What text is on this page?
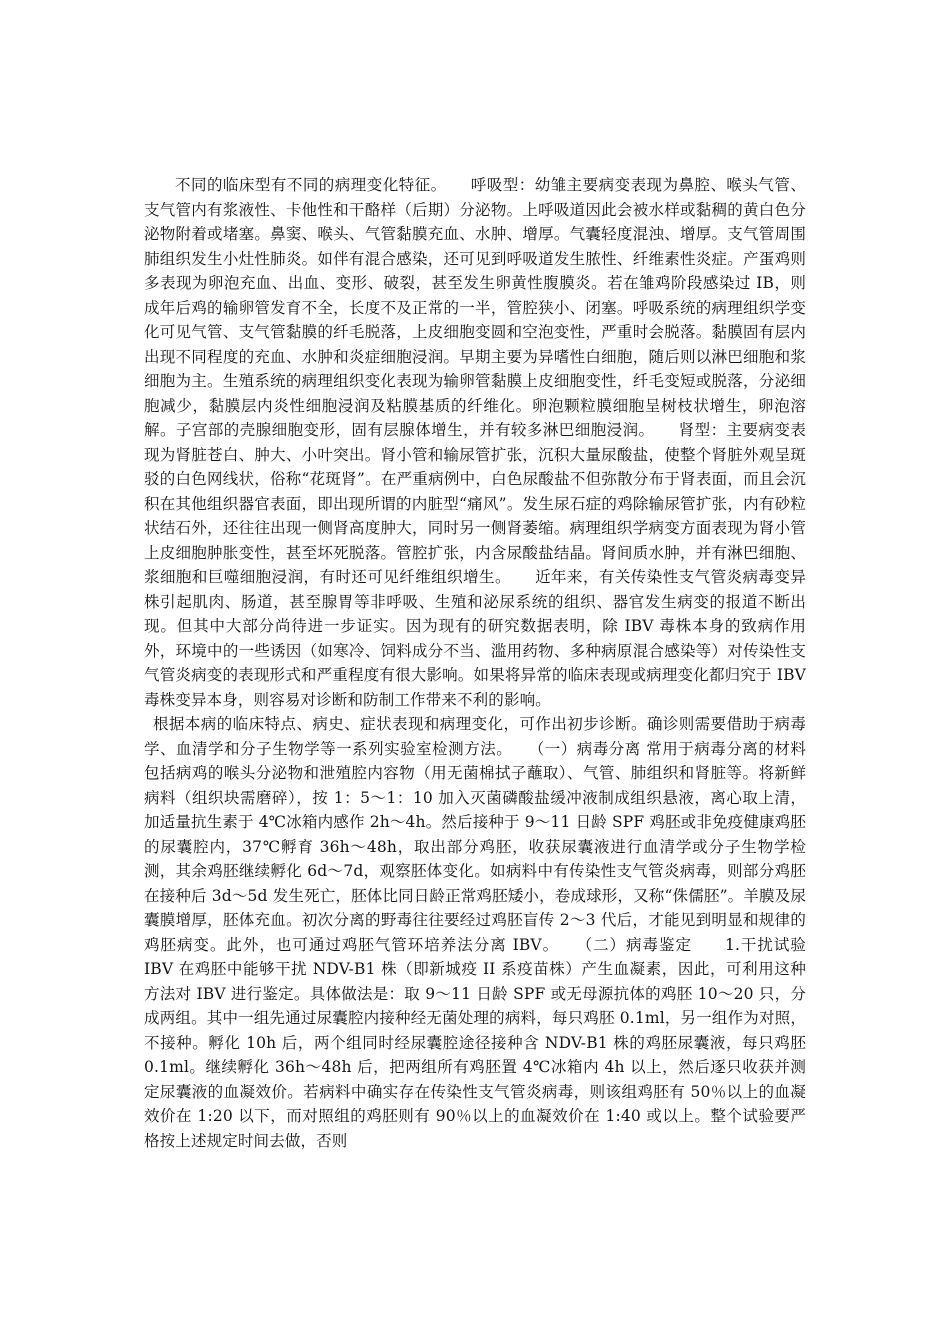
不同的临床型有不同的病理变化特征。　　呼吸型：幼雏主要病变表现为鼻腔、喉头气管、支气管内有浆液性、卡他性和干酪样（后期）分泌物。上呼吸道因此会被水样或黏稠的黄白色分泌物附着或堵塞。鼻窦、喉头、气管黏膜充血、水肿、增厚。气囊轻度混浊、增厚。支气管周围肺组织发生小灶性肺炎。如伴有混合感染，还可见到呼吸道发生脓性、纤维素性炎症。产蛋鸡则多表现为卵泡充血、出血、变形、破裂，甚至发生卵黄性腹膜炎。若在雏鸡阶段感染过 IB，则成年后鸡的输卵管发育不全，长度不及正常的一半，管腔狭小、闭塞。呼吸系统的病理组织学变化可见气管、支气管黏膜的纤毛脱落，上皮细胞变圆和空泡变性，严重时会脱落。黏膜固有层内出现不同程度的充血、水肿和炎症细胞浸润。早期主要为异嗜性白细胞，随后则以淋巴细胞和浆细胞为主。生殖系统的病理组织变化表现为输卵管黏膜上皮细胞变性，纤毛变短或脱落，分泌细胞减少，黏膜层内炎性细胞浸润及粘膜基质的纤维化。卵泡颗粒膜细胞呈树枝状增生，卵泡溶解。子宫部的壳腺细胞变形，固有层腺体增生，并有较多淋巴细胞浸润。　　肾型：主要病变表现为肾脏苍白、肿大、小叶突出。肾小管和输尿管扩张，沉积大量尿酸盐，使整个肾脏外观呈斑驳的白色网线状，俗称“花斑肾”。在严重病例中，白色尿酸盐不但弥散分布于肾表面，而且会沉积在其他组织器官表面，即出现所谓的内脏型“痛风”。发生尿石症的鸡除输尿管扩张，内有砂粒状结石外，还往往出现一侧肾高度肿大，同时另一侧肾萎缩。病理组织学病变方面表现为肾小管上皮细胞肿胀变性，甚至坏死脱落。管腔扩张，内含尿酸盐结晶。肾间质水肿，并有淋巴细胞、浆细胞和巨噬细胞浸润，有时还可见纤维组织增生。　　近年来，有关传染性支气管炎病毒变异株引起肌肉、肠道，甚至腺胃等非呼吸、生殖和泌尿系统的组织、器官发生病变的报道不断出现。但其中大部分尚待进一步证实。因为现有的研究数据表明，除 IBV 毒株本身的致病作用外，环境中的一些诱因（如寒冷、饲料成分不当、滥用药物、多种病原混合感染等）对传染性支气管炎病变的表现形式和严重程度有很大影响。如果将异常的临床表现或病理变化都归究于 IBV 毒株变异本身，则容易对诊断和防制工作带来不利的影响。

根据本病的临床特点、病史、症状表现和病理变化，可作出初步诊断。确诊则需要借助于病毒学、血清学和分子生物学等一系列实验室检测方法。　　（一）病毒分离 常用于病毒分离的材料包括病鸡的喉头分泌物和泄殖腔内容物（用无菌棉拭子蘸取）、气管、肺组织和肾脏等。将新鲜病料（组织块需磨碎），按 1：5～1：10 加入灭菌磷酸盐缓冲液制成组织悬液，离心取上清，加适量抗生素于 4℃冰箱内感作 2h～4h。然后接种于 9～11 日龄 SPF 鸡胚或非免疫健康鸡胚的尿囊腔内，37℃孵育 36h～48h，取出部分鸡胚，收获尿囊液进行血清学或分子生物学检测，其余鸡胚继续孵化 6d～7d，观察胚体变化。如病料中有传染性支气管炎病毒，则部分鸡胚在接种后 3d～5d 发生死亡，胚体比同日龄正常鸡胚矮小，卷成球形，又称“侏儒胚”。羊膜及尿囊膜增厚，胚体充血。初次分离的野毒往往要经过鸡胚盲传 2～3 代后，才能见到明显和规律的鸡胚病变。此外，也可通过鸡胚气管环培养法分离 IBV。　　（二）病毒鉴定　　1.干扰试验 IBV 在鸡胚中能够干扰 NDV-B1 株（即新城疫 II 系疫苗株）产生血凝素，因此，可利用这种方法对 IBV 进行鉴定。具体做法是：取 9～11 日龄 SPF 或无母源抗体的鸡胚 10～20 只，分成两组。其中一组先通过尿囊腔内接种经无菌处理的病料，每只鸡胚 0.1ml，另一组作为对照，不接种。孵化 10h 后，两个组同时经尿囊腔途径接种含 NDV-B1 株的鸡胚尿囊液，每只鸡胚 0.1ml。继续孵化 36h～48h 后，把两组所有鸡胚置 4℃冰箱内 4h 以上，然后逐只收获并测定尿囊液的血凝效价。若病料中确实存在传染性支气管炎病毒，则该组鸡胚有 50％以上的血凝效价在 1:20 以下，而对照组的鸡胚则有 90％以上的血凝效价在 1:40 或以上。整个试验要严格按上述规定时间去做，否则
